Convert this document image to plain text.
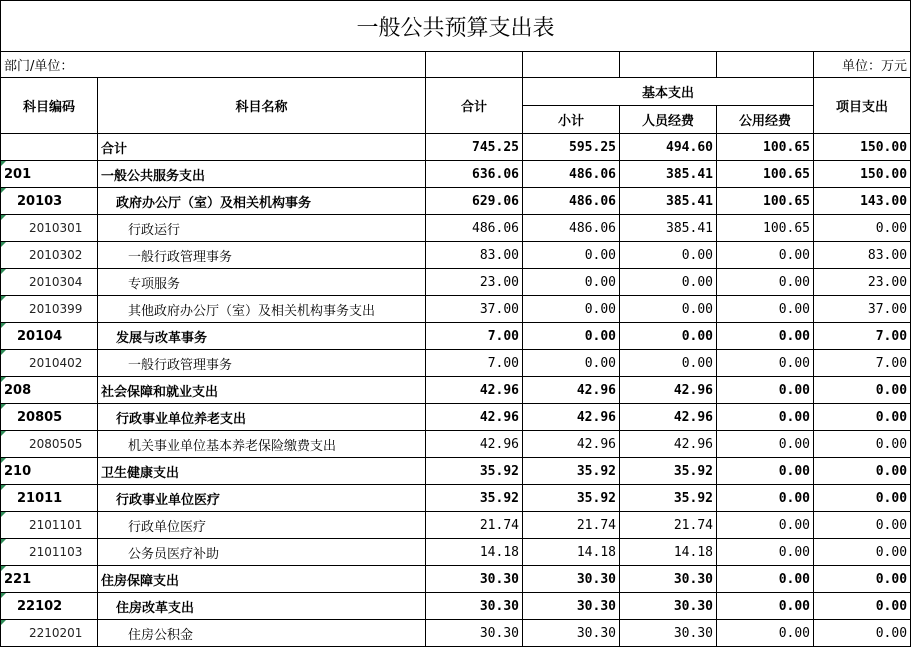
一般公共预算支出表						
部门/单位：						单位：万元
科目编码	科目名称	合计	基本支出			项目支出
			小计	人员经费	公用经费	
	合计	745.25	595.25	494.60	100.65	150.00
201	一般公共服务支出	636.06	486.06	385.41	100.65	150.00
20103	政府办公厅（室）及相关机构事务	629.06	486.06	385.41	100.65	143.00
2010301	行政运行	486.06	486.06	385.41	100.65	0.00
2010302	一般行政管理事务	83.00	0.00	0.00	0.00	83.00
2010304	专项服务	23.00	0.00	0.00	0.00	23.00
2010399	其他政府办公厅（室）及相关机构事务支出	37.00	0.00	0.00	0.00	37.00
20104	发展与改革事务	7.00	0.00	0.00	0.00	7.00
2010402	一般行政管理事务	7.00	0.00	0.00	0.00	7.00
208	社会保障和就业支出	42.96	42.96	42.96	0.00	0.00
20805	行政事业单位养老支出	42.96	42.96	42.96	0.00	0.00
2080505	机关事业单位基本养老保险缴费支出	42.96	42.96	42.96	0.00	0.00
210	卫生健康支出	35.92	35.92	35.92	0.00	0.00
21011	行政事业单位医疗	35.92	35.92	35.92	0.00	0.00
2101101	行政单位医疗	21.74	21.74	21.74	0.00	0.00
2101103	公务员医疗补助	14.18	14.18	14.18	0.00	0.00
221	住房保障支出	30.30	30.30	30.30	0.00	0.00
22102	住房改革支出	30.30	30.30	30.30	0.00	0.00
2210201	住房公积金	30.30	30.30	30.30	0.00	0.00
